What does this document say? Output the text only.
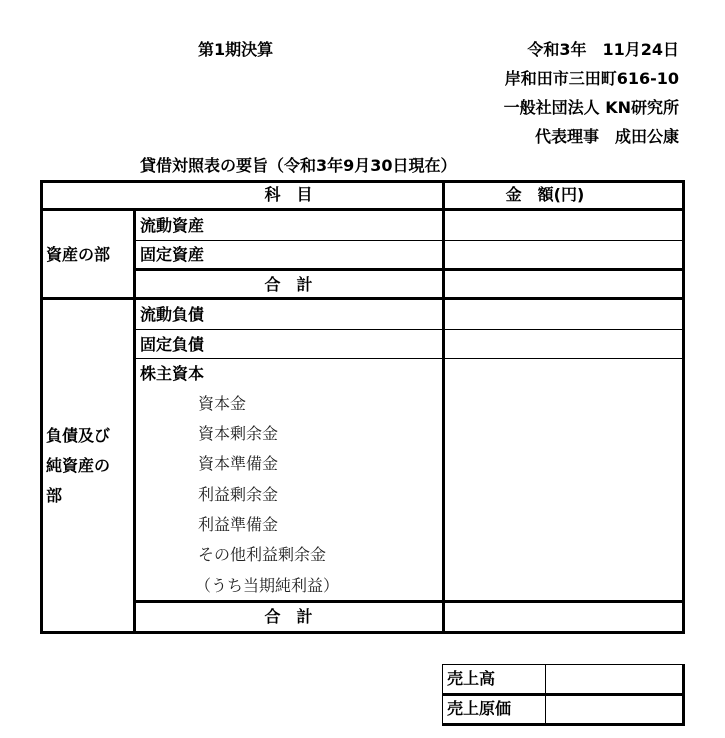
第1期決算	令和3年　11月24日
岸和田市三田町616-10
一般社団法人 KN研究所
代表理事　成田公康
貸借対照表の要旨（令和3年9月30日現在）
科　目	金　額(円)
資産の部
流動資産
固定資産
合　計
負債及び
純資産の
部
流動負債
固定負債
株主資本
資本金
資本剰余金
資本準備金
利益剰余金
利益準備金
その他利益剰余金
（うち当期純利益）
合　計
売上高
売上原価
